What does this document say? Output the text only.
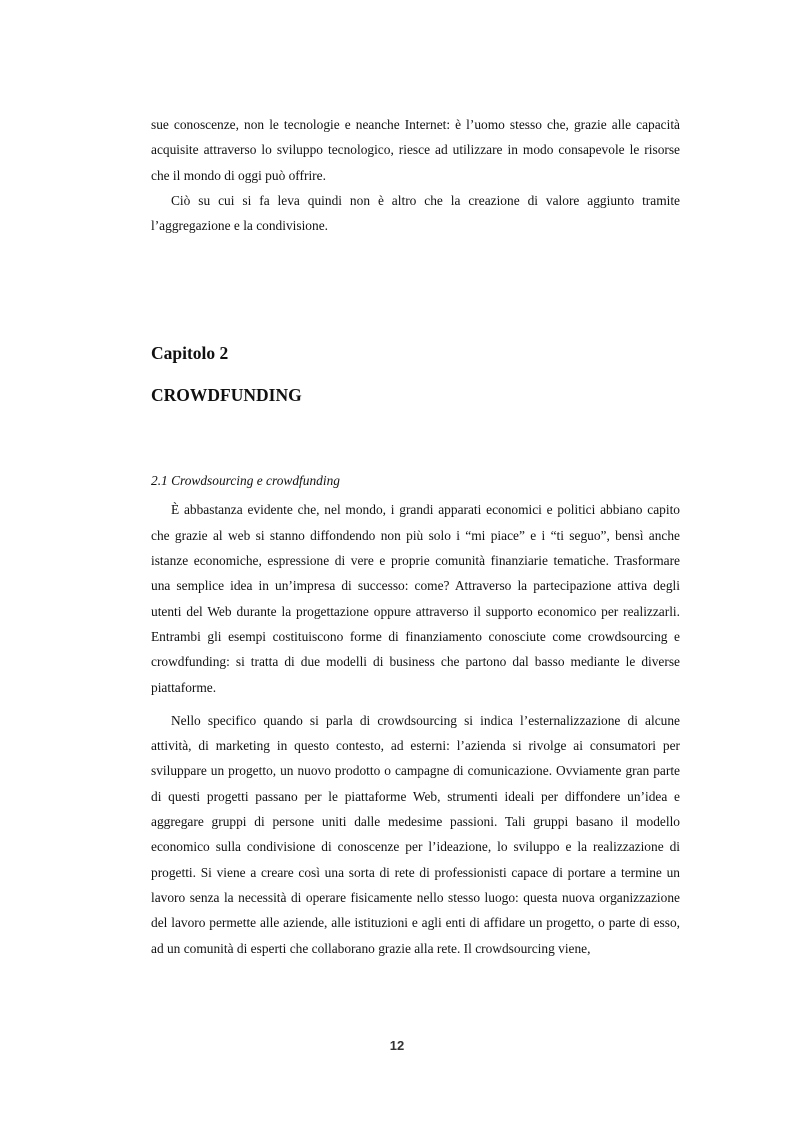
sue conoscenze, non le tecnologie e neanche Internet: è l’uomo stesso che, grazie alle capacità acquisite attraverso lo sviluppo tecnologico, riesce ad utilizzare in modo consapevole le risorse che il mondo di oggi può offrire.

Ciò su cui si fa leva quindi non è altro che la creazione di valore aggiunto tramite l’aggregazione e la condivisione.

Capitolo 2
CROWDFUNDING
2.1 Crowdsourcing e crowdfunding

È abbastanza evidente che, nel mondo, i grandi apparati economici e politici abbiano capito che grazie al web si stanno diffondendo non più solo i “mi piace” e i “ti seguo”, bensì anche istanze economiche, espressione di vere e proprie comunità finanziarie tematiche. Trasformare una semplice idea in un’impresa di successo: come? Attraverso la partecipazione attiva degli utenti del Web durante la progettazione oppure attraverso il supporto economico per realizzarli. Entrambi gli esempi costituiscono forme di finanziamento conosciute come crowdsourcing e crowdfunding: si tratta di due modelli di business che partono dal basso mediante le diverse piattaforme.

Nello specifico quando si parla di crowdsourcing si indica l’esternalizzazione di alcune attività, di marketing in questo contesto, ad esterni: l’azienda si rivolge ai consumatori per sviluppare un progetto, un nuovo prodotto o campagne di comunicazione. Ovviamente gran parte di questi progetti passano per le piattaforme Web, strumenti ideali per diffondere un’idea e aggregare gruppi di persone uniti dalle medesime passioni. Tali gruppi basano il modello economico sulla condivisione di conoscenze per l’ideazione, lo sviluppo e la realizzazione di progetti. Si viene a creare così una sorta di rete di professionisti capace di portare a termine un lavoro senza la necessità di operare fisicamente nello stesso luogo: questa nuova organizzazione del lavoro permette alle aziende, alle istituzioni e agli enti di affidare un progetto, o parte di esso, ad un comunità di esperti che collaborano grazie alla rete. Il crowdsourcing viene,

12
